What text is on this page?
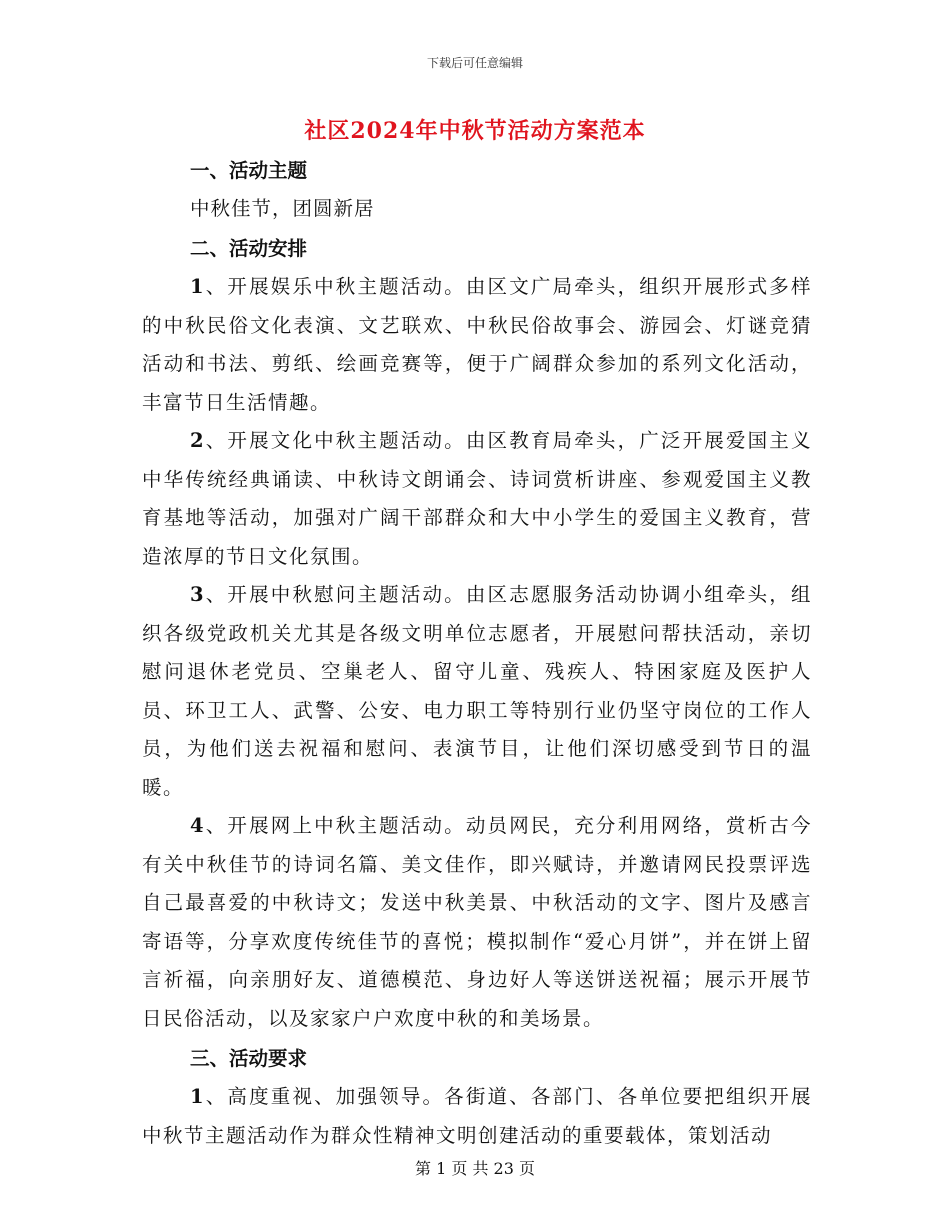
下载后可任意编辑
社区2024年中秋节活动方案范本
一、活动主题
中秋佳节，团圆新居
二、活动安排

1、开展娱乐中秋主题活动。由区文广局牵头，组织开展形式多样的中秋民俗文化表演、文艺联欢、中秋民俗故事会、游园会、灯谜竞猜活动和书法、剪纸、绘画竞赛等，便于广阔群众参加的系列文化活动，丰富节日生活情趣。

2、开展文化中秋主题活动。由区教育局牵头，广泛开展爱国主义中华传统经典诵读、中秋诗文朗诵会、诗词赏析讲座、参观爱国主义教育基地等活动，加强对广阔干部群众和大中小学生的爱国主义教育，营造浓厚的节日文化氛围。

3、开展中秋慰问主题活动。由区志愿服务活动协调小组牵头，组织各级党政机关尤其是各级文明单位志愿者，开展慰问帮扶活动，亲切慰问退休老党员、空巢老人、留守儿童、残疾人、特困家庭及医护人员、环卫工人、武警、公安、电力职工等特别行业仍坚守岗位的工作人员，为他们送去祝福和慰问、表演节目，让他们深切感受到节日的温暖。

4、开展网上中秋主题活动。动员网民，充分利用网络，赏析古今有关中秋佳节的诗词名篇、美文佳作，即兴赋诗，并邀请网民投票评选自己最喜爱的中秋诗文；发送中秋美景、中秋活动的文字、图片及感言寄语等，分享欢度传统佳节的喜悦；模拟制作“爱心月饼”，并在饼上留言祈福，向亲朋好友、道德模范、身边好人等送饼送祝福；展示开展节日民俗活动，以及家家户户欢度中秋的和美场景。

三、活动要求

1、高度重视、加强领导。各街道、各部门、各单位要把组织开展中秋节主题活动作为群众性精神文明创建活动的重要载体，策划活动

第 1 页 共 23 页
